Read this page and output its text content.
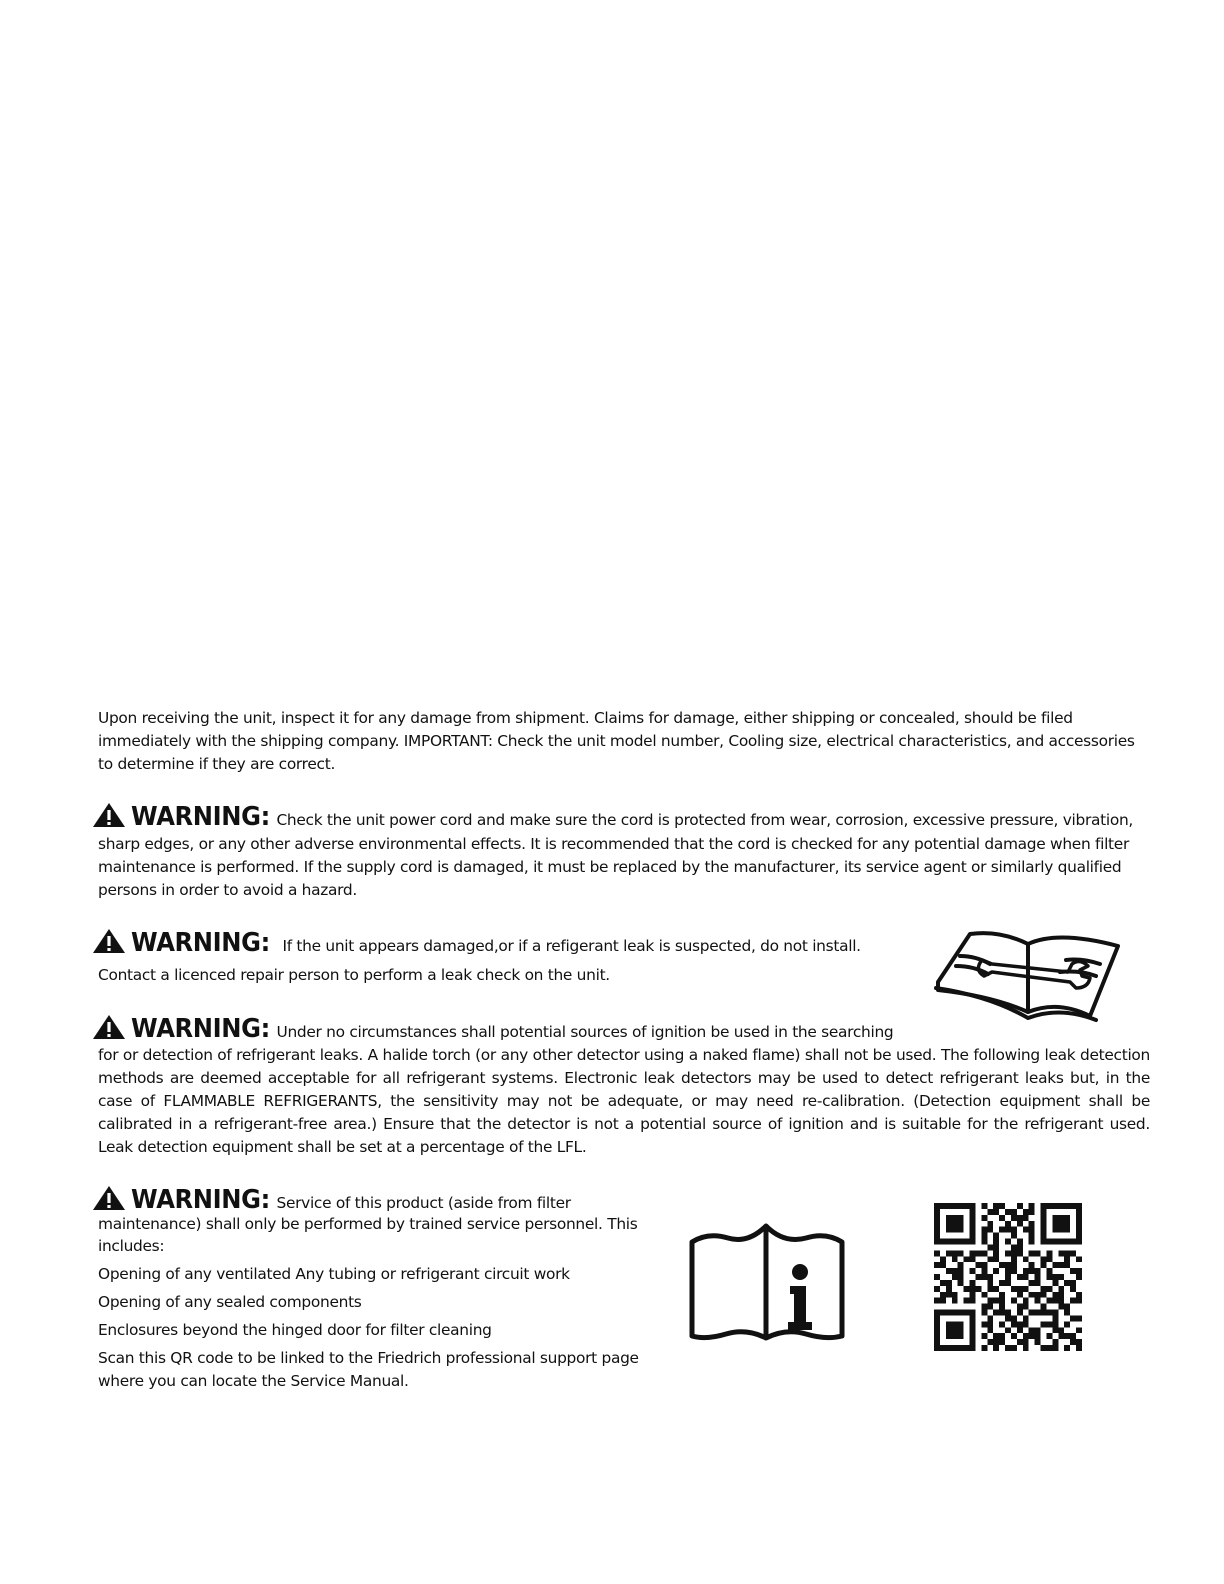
Upon receiving the unit, inspect it for any damage from shipment. Claims for damage, either shipping or concealed, should be filed immediately with the shipping company. IMPORTANT: Check the unit model number, Cooling size, electrical characteristics, and accessories to determine if they are correct.

WARNING: Check the unit power cord and make sure the cord is protected from wear, corrosion, excessive pressure, vibration,

sharp edges, or any other adverse environmental effects. It is recommended that the cord is checked for any potential damage when filter maintenance is performed. If the supply cord is damaged, it must be replaced by the manufacturer, its service agent or similarly qualified persons in order to avoid a hazard.

WARNING: If the unit appears damaged,or if a refigerant leak is suspected, do not install.

Contact a licenced repair person to perform a leak check on the unit.

WARNING: Under no circumstances shall potential sources of ignition be used in the searching

for or detection of refrigerant leaks. A halide torch (or any other detector using a naked flame) shall not be used. The following leak detection methods are deemed acceptable for all refrigerant systems. Electronic leak detectors may be used to detect refrigerant leaks but, in the case of FLAMMABLE REFRIGERANTS, the sensitivity may not be adequate, or may need re-calibration. (Detection equipment shall be calibrated in a refrigerant-free area.) Ensure that the detector is not a potential source of ignition and is suitable for the refrigerant used. Leak detection equipment shall be set at a percentage of the LFL.

WARNING: Service of this product (aside from filter

maintenance) shall only be performed by trained service personnel. This includes:

Opening of any ventilated Any tubing or refrigerant circuit work

Opening of any sealed components

Enclosures beyond the hinged door for filter cleaning

Scan this QR code to be linked to the Friedrich professional support page where you can locate the Service Manual.
